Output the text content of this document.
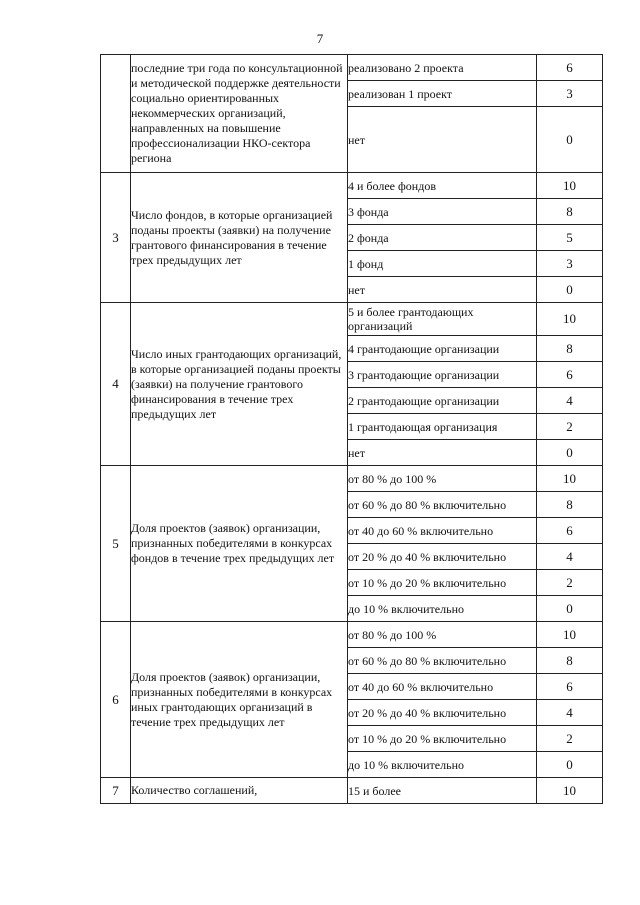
7
	последние три года по консультационной и методической поддержке деятельности социально ориентированных некоммерческих организаций, направленных на повышение профессионализации НКО-сектора региона	реализовано 2 проекта	6
		реализован 1 проект	3
		нет	0
3	Число фондов, в которые организацией поданы проекты (заявки) на получение грантового финансирования в течение трех предыдущих лет	4 и более фондов	10
		3 фонда	8
		2 фонда	5
		1 фонд	3
		нет	0
4	Число иных грантодающих организаций, в которые организацией поданы проекты (заявки) на получение грантового финансирования в течение трех предыдущих лет	5 и более грантодающих организаций	10
		4 грантодающие организации	8
		3 грантодающие организации	6
		2 грантодающие организации	4
		1 грантодающая организация	2
		нет	0
5	Доля проектов (заявок) организации, признанных победителями в конкурсах фондов в течение трех предыдущих лет	от 80 % до 100 %	10
		от 60 % до 80 % включительно	8
		от 40 до 60 % включительно	6
		от 20 % до 40 % включительно	4
		от 10 % до 20 % включительно	2
		до 10 % включительно	0
6	Доля проектов (заявок) организации, признанных победителями в конкурсах иных грантодающих организаций в течение трех предыдущих лет	от 80 % до 100 %	10
		от 60 % до 80 % включительно	8
		от 40 до 60 % включительно	6
		от 20 % до 40 % включительно	4
		от 10 % до 20 % включительно	2
		до 10 % включительно	0
7	Количество соглашений,	15 и более	10
